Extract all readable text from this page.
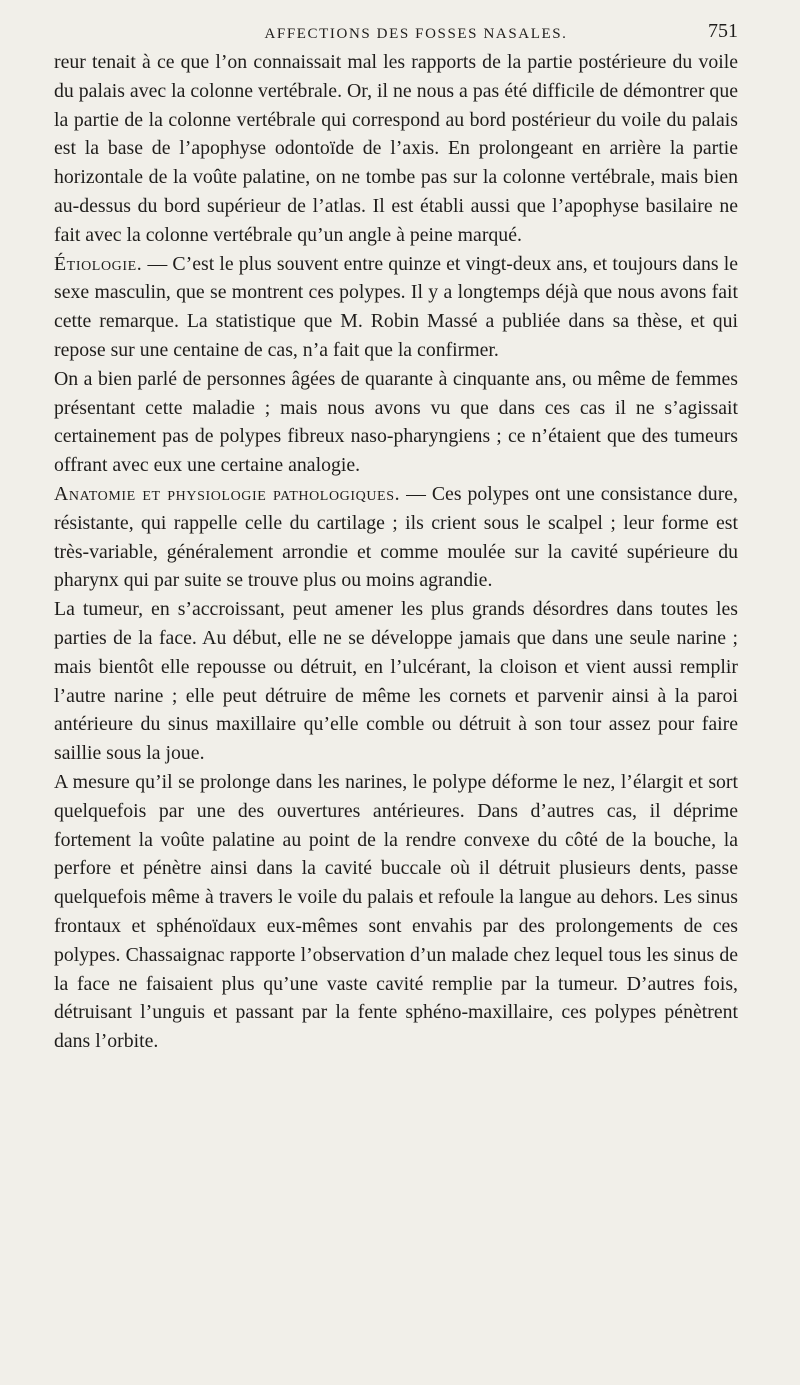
AFFECTIONS DES FOSSES NASALES.	751

reur tenait à ce que l’on connaissait mal les rapports de la partie postérieure du voile du palais avec la colonne vertébrale. Or, il ne nous a pas été difficile de démontrer que la partie de la colonne vertébrale qui correspond au bord postérieur du voile du palais est la base de l’apophyse odontoïde de l’axis. En prolongeant en arrière la partie horizontale de la voûte palatine, on ne tombe pas sur la colonne vertébrale, mais bien au-dessus du bord supérieur de l’atlas. Il est établi aussi que l’apophyse basilaire ne fait avec la colonne vertébrale qu’un angle à peine marqué.

Étiologie. — C’est le plus souvent entre quinze et vingt-deux ans, et toujours dans le sexe masculin, que se montrent ces polypes. Il y a longtemps déjà que nous avons fait cette remarque. La statistique que M. Robin Massé a publiée dans sa thèse, et qui repose sur une centaine de cas, n’a fait que la confirmer.

On a bien parlé de personnes âgées de quarante à cinquante ans, ou même de femmes présentant cette maladie ; mais nous avons vu que dans ces cas il ne s’agissait certainement pas de polypes fibreux naso-pharyngiens ; ce n’étaient que des tumeurs offrant avec eux une certaine analogie.

Anatomie et physiologie pathologiques. — Ces polypes ont une consistance dure, résistante, qui rappelle celle du cartilage ; ils crient sous le scalpel ; leur forme est très-variable, généralement arrondie et comme moulée sur la cavité supérieure du pharynx qui par suite se trouve plus ou moins agrandie.

La tumeur, en s’accroissant, peut amener les plus grands désordres dans toutes les parties de la face. Au début, elle ne se développe jamais que dans une seule narine ; mais bientôt elle repousse ou détruit, en l’ulcérant, la cloison et vient aussi remplir l’autre narine ; elle peut détruire de même les cornets et parvenir ainsi à la paroi antérieure du sinus maxillaire qu’elle comble ou détruit à son tour assez pour faire saillie sous la joue.

A mesure qu’il se prolonge dans les narines, le polype déforme le nez, l’élargit et sort quelquefois par une des ouvertures antérieures. Dans d’autres cas, il déprime fortement la voûte palatine au point de la rendre convexe du côté de la bouche, la perfore et pénètre ainsi dans la cavité buccale où il détruit plusieurs dents, passe quelquefois même à travers le voile du palais et refoule la langue au dehors. Les sinus frontaux et sphénoïdaux eux-mêmes sont envahis par des prolongements de ces polypes. Chassaignac rapporte l’observation d’un malade chez lequel tous les sinus de la face ne faisaient plus qu’une vaste cavité remplie par la tumeur. D’autres fois, détruisant l’unguis et passant par la fente sphéno-maxillaire, ces polypes pénètrent dans l’orbite.
